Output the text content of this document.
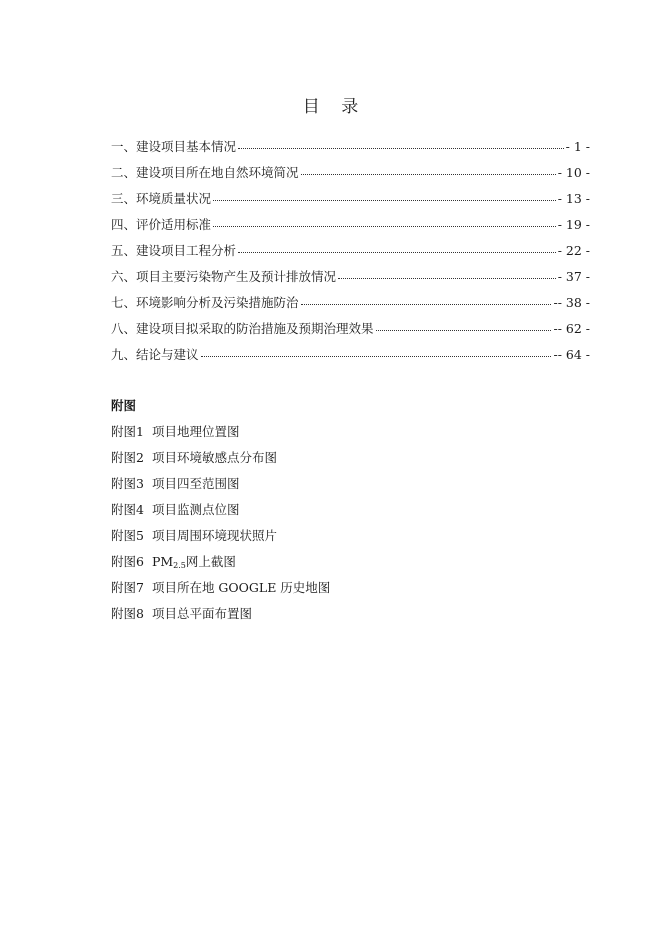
目 录
一、建设项目基本情况	- 1 -
二、建设项目所在地自然环境简况	- 10 -
三、环境质量状况	- 13 -
四、评价适用标准	- 19 -
五、建设项目工程分析	- 22 -
六、项目主要污染物产生及预计排放情况	- 37 -
七、环境影响分析及污染措施防治	-- 38 -
八、建设项目拟采取的防治措施及预期治理效果	-- 62 -
九、结论与建议	-- 64 -
附图
附图1 项目地理位置图
附图2 项目环境敏感点分布图
附图3 项目四至范围图
附图4 项目监测点位图
附图5 项目周围环境现状照片
附图6 $PM_{2.5}$网上截图
附图7 项目所在地 GOOGLE 历史地图
附图8 项目总平面布置图
